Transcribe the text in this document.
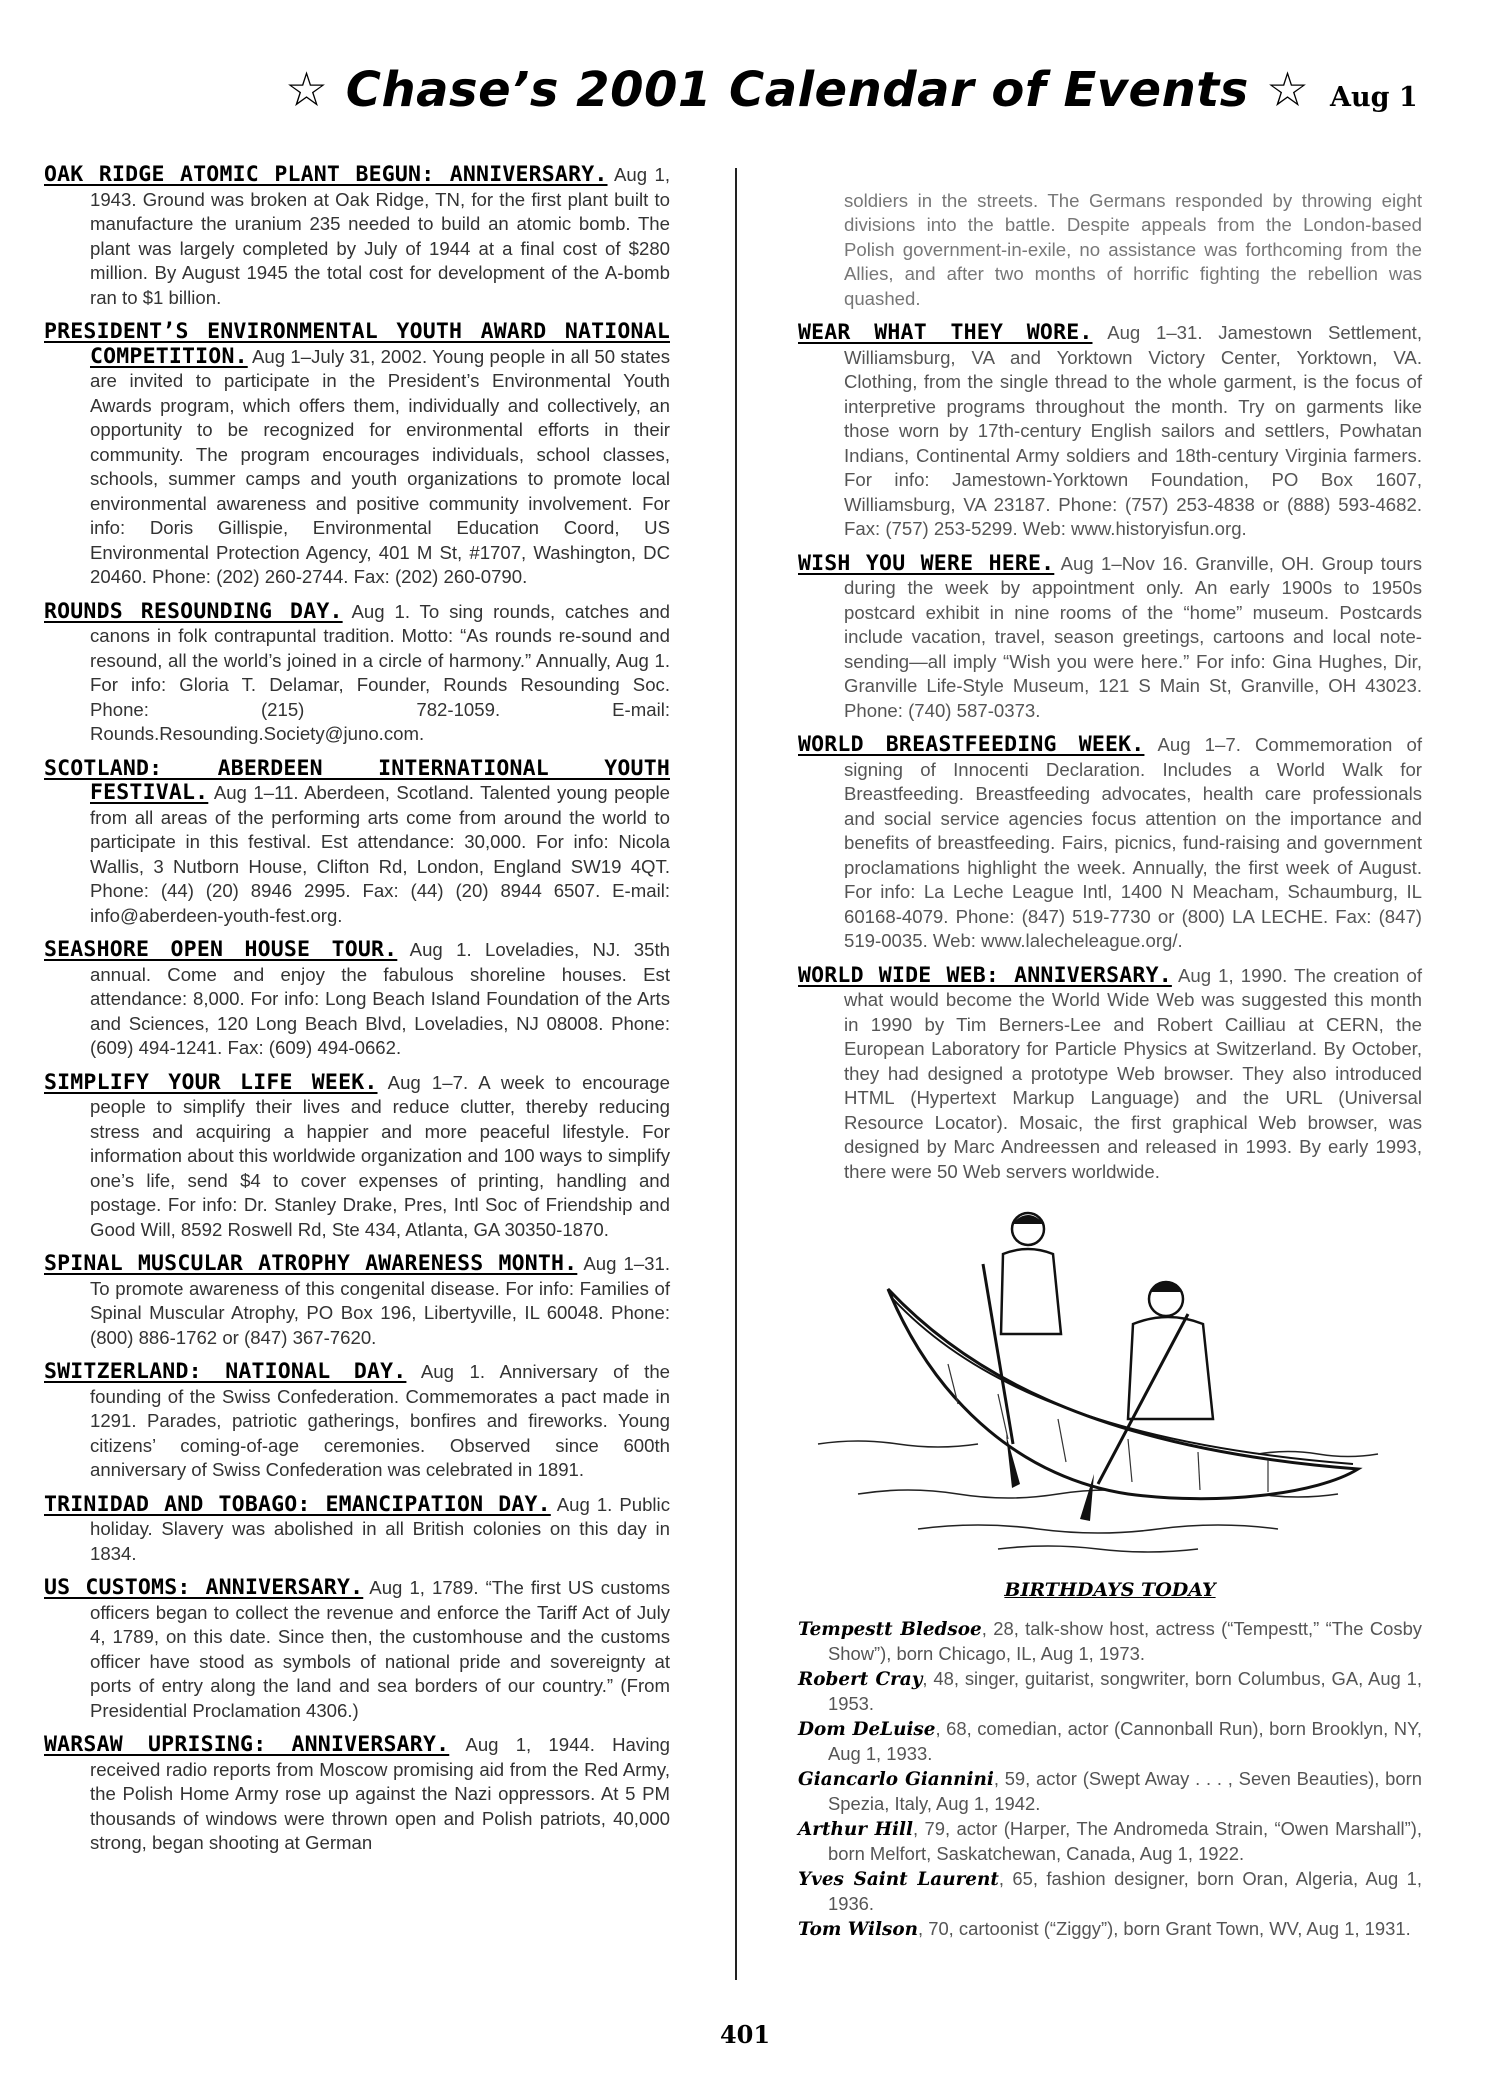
☆ Chase’s 2001 Calendar of Events ☆ Aug 1

OAK RIDGE ATOMIC PLANT BEGUN: ANNIVERSARY. Aug 1, 1943. Ground was broken at Oak Ridge, TN, for the first plant built to manufacture the uranium 235 needed to build an atomic bomb. The plant was largely completed by July of 1944 at a final cost of $280 million. By August 1945 the total cost for development of the A-bomb ran to $1 billion.

PRESIDENT’S ENVIRONMENTAL YOUTH AWARD NATIONAL COMPETITION. Aug 1–July 31, 2002. Young people in all 50 states are invited to participate in the President’s Environmental Youth Awards program, which offers them, individually and collectively, an opportunity to be recognized for environmental efforts in their community. The program encourages individuals, school classes, schools, summer camps and youth organizations to promote local environmental awareness and positive community involvement. For info: Doris Gillispie, Environmental Education Coord, US Environmental Protection Agency, 401 M St, #1707, Washington, DC 20460. Phone: (202) 260-2744. Fax: (202) 260-0790.

ROUNDS RESOUNDING DAY. Aug 1. To sing rounds, catches and canons in folk contrapuntal tradition. Motto: “As rounds re-sound and resound, all the world’s joined in a circle of harmony.” Annually, Aug 1. For info: Gloria T. Delamar, Founder, Rounds Resounding Soc. Phone: (215) 782-1059. E-mail: Rounds.Resounding.Society@juno.com.

SCOTLAND: ABERDEEN INTERNATIONAL YOUTH FESTIVAL. Aug 1–11. Aberdeen, Scotland. Talented young people from all areas of the performing arts come from around the world to participate in this festival. Est attendance: 30,000. For info: Nicola Wallis, 3 Nutborn House, Clifton Rd, London, England SW19 4QT. Phone: (44) (20) 8946 2995. Fax: (44) (20) 8944 6507. E-mail: info@aberdeen-youth-fest.org.

SEASHORE OPEN HOUSE TOUR. Aug 1. Loveladies, NJ. 35th annual. Come and enjoy the fabulous shoreline houses. Est attendance: 8,000. For info: Long Beach Island Foundation of the Arts and Sciences, 120 Long Beach Blvd, Loveladies, NJ 08008. Phone: (609) 494-1241. Fax: (609) 494-0662.

SIMPLIFY YOUR LIFE WEEK. Aug 1–7. A week to encourage people to simplify their lives and reduce clutter, thereby reducing stress and acquiring a happier and more peaceful lifestyle. For information about this worldwide organization and 100 ways to simplify one’s life, send $4 to cover expenses of printing, handling and postage. For info: Dr. Stanley Drake, Pres, Intl Soc of Friendship and Good Will, 8592 Roswell Rd, Ste 434, Atlanta, GA 30350-1870.

SPINAL MUSCULAR ATROPHY AWARENESS MONTH. Aug 1–31. To promote awareness of this congenital disease. For info: Families of Spinal Muscular Atrophy, PO Box 196, Libertyville, IL 60048. Phone: (800) 886-1762 or (847) 367-7620.

SWITZERLAND: NATIONAL DAY. Aug 1. Anniversary of the founding of the Swiss Confederation. Commemorates a pact made in 1291. Parades, patriotic gatherings, bonfires and fireworks. Young citizens’ coming-of-age ceremonies. Observed since 600th anniversary of Swiss Confederation was celebrated in 1891.

TRINIDAD AND TOBAGO: EMANCIPATION DAY. Aug 1. Public holiday. Slavery was abolished in all British colonies on this day in 1834.

US CUSTOMS: ANNIVERSARY. Aug 1, 1789. “The first US customs officers began to collect the revenue and enforce the Tariff Act of July 4, 1789, on this date. Since then, the customhouse and the customs officer have stood as symbols of national pride and sovereignty at ports of entry along the land and sea borders of our country.” (From Presidential Proclamation 4306.)

WARSAW UPRISING: ANNIVERSARY. Aug 1, 1944. Having received radio reports from Moscow promising aid from the Red Army, the Polish Home Army rose up against the Nazi oppressors. At 5 PM thousands of windows were thrown open and Polish patriots, 40,000 strong, began shooting at German

soldiers in the streets. The Germans responded by throwing eight divisions into the battle. Despite appeals from the London-based Polish government-in-exile, no assistance was forthcoming from the Allies, and after two months of horrific fighting the rebellion was quashed.

WEAR WHAT THEY WORE. Aug 1–31. Jamestown Settlement, Williamsburg, VA and Yorktown Victory Center, Yorktown, VA. Clothing, from the single thread to the whole garment, is the focus of interpretive programs throughout the month. Try on garments like those worn by 17th-century English sailors and settlers, Powhatan Indians, Continental Army soldiers and 18th-century Virginia farmers. For info: Jamestown-Yorktown Foundation, PO Box 1607, Williamsburg, VA 23187. Phone: (757) 253-4838 or (888) 593-4682. Fax: (757) 253-5299. Web: www.historyisfun.org.

WISH YOU WERE HERE. Aug 1–Nov 16. Granville, OH. Group tours during the week by appointment only. An early 1900s to 1950s postcard exhibit in nine rooms of the “home” museum. Postcards include vacation, travel, season greetings, cartoons and local note-sending—all imply “Wish you were here.” For info: Gina Hughes, Dir, Granville Life-Style Museum, 121 S Main St, Granville, OH 43023. Phone: (740) 587-0373.

WORLD BREASTFEEDING WEEK. Aug 1–7. Commemoration of signing of Innocenti Declaration. Includes a World Walk for Breastfeeding. Breastfeeding advocates, health care professionals and social service agencies focus attention on the importance and benefits of breastfeeding. Fairs, picnics, fund-raising and government proclamations highlight the week. Annually, the first week of August. For info: La Leche League Intl, 1400 N Meacham, Schaumburg, IL 60168-4079. Phone: (847) 519-7730 or (800) LA LECHE. Fax: (847) 519-0035. Web: www.lalecheleague.org/.

WORLD WIDE WEB: ANNIVERSARY. Aug 1, 1990. The creation of what would become the World Wide Web was suggested this month in 1990 by Tim Berners-Lee and Robert Cailliau at CERN, the European Laboratory for Particle Physics at Switzerland. By October, they had designed a prototype Web browser. They also introduced HTML (Hypertext Markup Language) and the URL (Universal Resource Locator). Mosaic, the first graphical Web browser, was designed by Marc Andreessen and released in 1993. By early 1993, there were 50 Web servers worldwide.

BIRTHDAYS TODAY

Tempestt Bledsoe, 28, talk-show host, actress (“Tempestt,” “The Cosby Show”), born Chicago, IL, Aug 1, 1973.

Robert Cray, 48, singer, guitarist, songwriter, born Columbus, GA, Aug 1, 1953.

Dom DeLuise, 68, comedian, actor (Cannonball Run), born Brooklyn, NY, Aug 1, 1933.

Giancarlo Giannini, 59, actor (Swept Away . . . , Seven Beauties), born Spezia, Italy, Aug 1, 1942.

Arthur Hill, 79, actor (Harper, The Andromeda Strain, “Owen Marshall”), born Melfort, Saskatchewan, Canada, Aug 1, 1922.

Yves Saint Laurent, 65, fashion designer, born Oran, Algeria, Aug 1, 1936.

Tom Wilson, 70, cartoonist (“Ziggy”), born Grant Town, WV, Aug 1, 1931.

401
